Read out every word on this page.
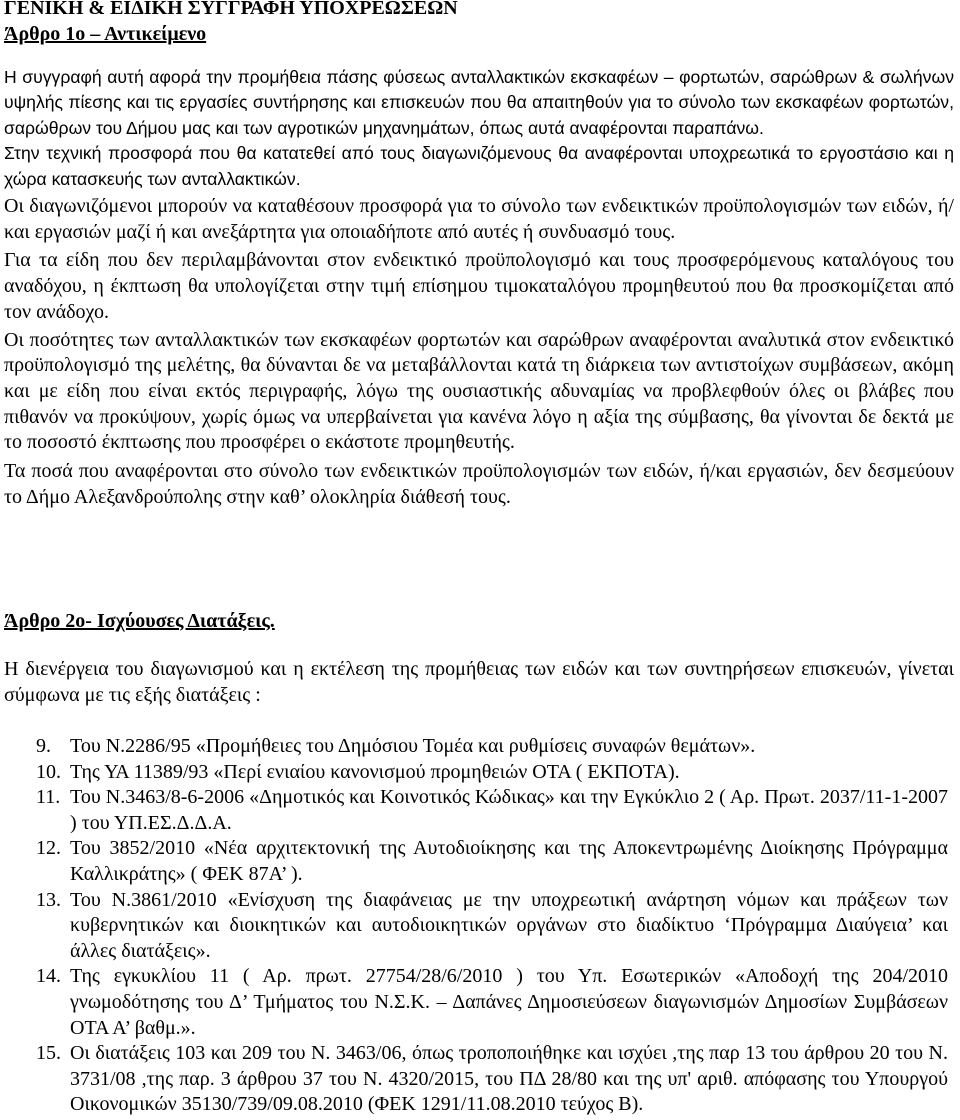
ΓΕΝΙΚΗ & ΕΙΔΙΚΗ ΣΥΓΓΡΑΦΗ ΥΠΟΧΡΕΩΣΕΩΝ
Άρθρο 1ο – Αντικείμενο

Η συγγραφή αυτή αφορά την προμήθεια πάσης φύσεως ανταλλακτικών εκσκαφέων – φορτωτών, σαρώθρων & σωλήνων υψηλής πίεσης και τις εργασίες συντήρησης και επισκευών που θα απαιτηθούν για το σύνολο των εκσκαφέων φορτωτών, σαρώθρων του Δήμου μας και των αγροτικών μηχανημάτων, όπως αυτά αναφέρονται παραπάνω.

Στην τεχνική προσφορά που θα κατατεθεί από τους διαγωνιζόμενους θα αναφέρονται υποχρεωτικά το εργοστάσιο και η χώρα κατασκευής των ανταλλακτικών.

Οι διαγωνιζόμενοι μπορούν να καταθέσουν προσφορά για το σύνολο των ενδεικτικών προϋπολογισμών των ειδών, ή/και εργασιών μαζί ή και ανεξάρτητα για οποιαδήποτε από αυτές ή συνδυασμό τους.

Για τα είδη που δεν περιλαμβάνονται στον ενδεικτικό προϋπολογισμό και τους προσφερόμενους καταλόγους του αναδόχου, η έκπτωση θα υπολογίζεται στην τιμή επίσημου τιμοκαταλόγου προμηθευτού που θα προσκομίζεται από τον ανάδοχο.

Οι ποσότητες των ανταλλακτικών των εκσκαφέων φορτωτών και σαρώθρων αναφέρονται αναλυτικά στον ενδεικτικό προϋπολογισμό της μελέτης, θα δύνανται δε να μεταβάλλονται κατά τη διάρκεια των αντιστοίχων συμβάσεων, ακόμη και με είδη που είναι εκτός περιγραφής, λόγω της ουσιαστικής αδυναμίας να προβλεφθούν όλες οι βλάβες που πιθανόν να προκύψουν, χωρίς όμως να υπερβαίνεται για κανένα λόγο η αξία της σύμβασης, θα γίνονται δε δεκτά με το ποσοστό έκπτωσης που προσφέρει ο εκάστοτε προμηθευτής.

Τα ποσά που αναφέρονται στο σύνολο των ενδεικτικών προϋπολογισμών των ειδών, ή/και εργασιών, δεν δεσμεύουν το Δήμο Αλεξανδρούπολης στην καθ’ ολοκληρία διάθεσή τους.

Άρθρο 2ο- Ισχύουσες Διατάξεις.

Η διενέργεια του διαγωνισμού και η εκτέλεση της προμήθειας των ειδών και των συντηρήσεων επισκευών, γίνεται σύμφωνα με τις εξής διατάξεις :

9. Του Ν.2286/95 «Προμήθειες του Δημόσιου Τομέα και ρυθμίσεις συναφών θεμάτων».
10. Της ΥΑ 11389/93 «Περί ενιαίου κανονισμού προμηθειών ΟΤΑ ( ΕΚΠΟΤΑ).
11. Του Ν.3463/8-6-2006 «Δημοτικός και Κοινοτικός Κώδικας» και την Εγκύκλιο 2 ( Αρ. Πρωτ. 2037/11-1-2007 ) του ΥΠ.ΕΣ.Δ.Δ.Α.
12. Του 3852/2010 «Νέα αρχιτεκτονική της Αυτοδιοίκησης και της Αποκεντρωμένης Διοίκησης Πρόγραμμα Καλλικράτης» ( ΦΕΚ 87Α’ ).
13. Του Ν.3861/2010 «Ενίσχυση της διαφάνειας με την υποχρεωτική ανάρτηση νόμων και πράξεων των κυβερνητικών και διοικητικών και αυτοδιοικητικών οργάνων στο διαδίκτυο ‘Πρόγραμμα Διαύγεια’ και άλλες διατάξεις».
14. Της εγκυκλίου 11 ( Αρ. πρωτ. 27754/28/6/2010 ) του Υπ. Εσωτερικών «Αποδοχή της 204/2010 γνωμοδότησης του Δ’ Τμήματος του Ν.Σ.Κ. – Δαπάνες Δημοσιεύσεων διαγωνισμών Δημοσίων Συμβάσεων ΟΤΑ Α’ βαθμ.».
15. Οι διατάξεις 103 και 209 του Ν. 3463/06, όπως τροποποιήθηκε και ισχύει ,της παρ 13 του άρθρου 20 του Ν. 3731/08 ,της παρ. 3 άρθρου 37 του Ν. 4320/2015, του ΠΔ 28/80 και της υπ' αριθ. απόφασης του Υπουργού Οικονομικών 35130/739/09.08.2010 (ΦΕΚ 1291/11.08.2010 τεύχος Β).
